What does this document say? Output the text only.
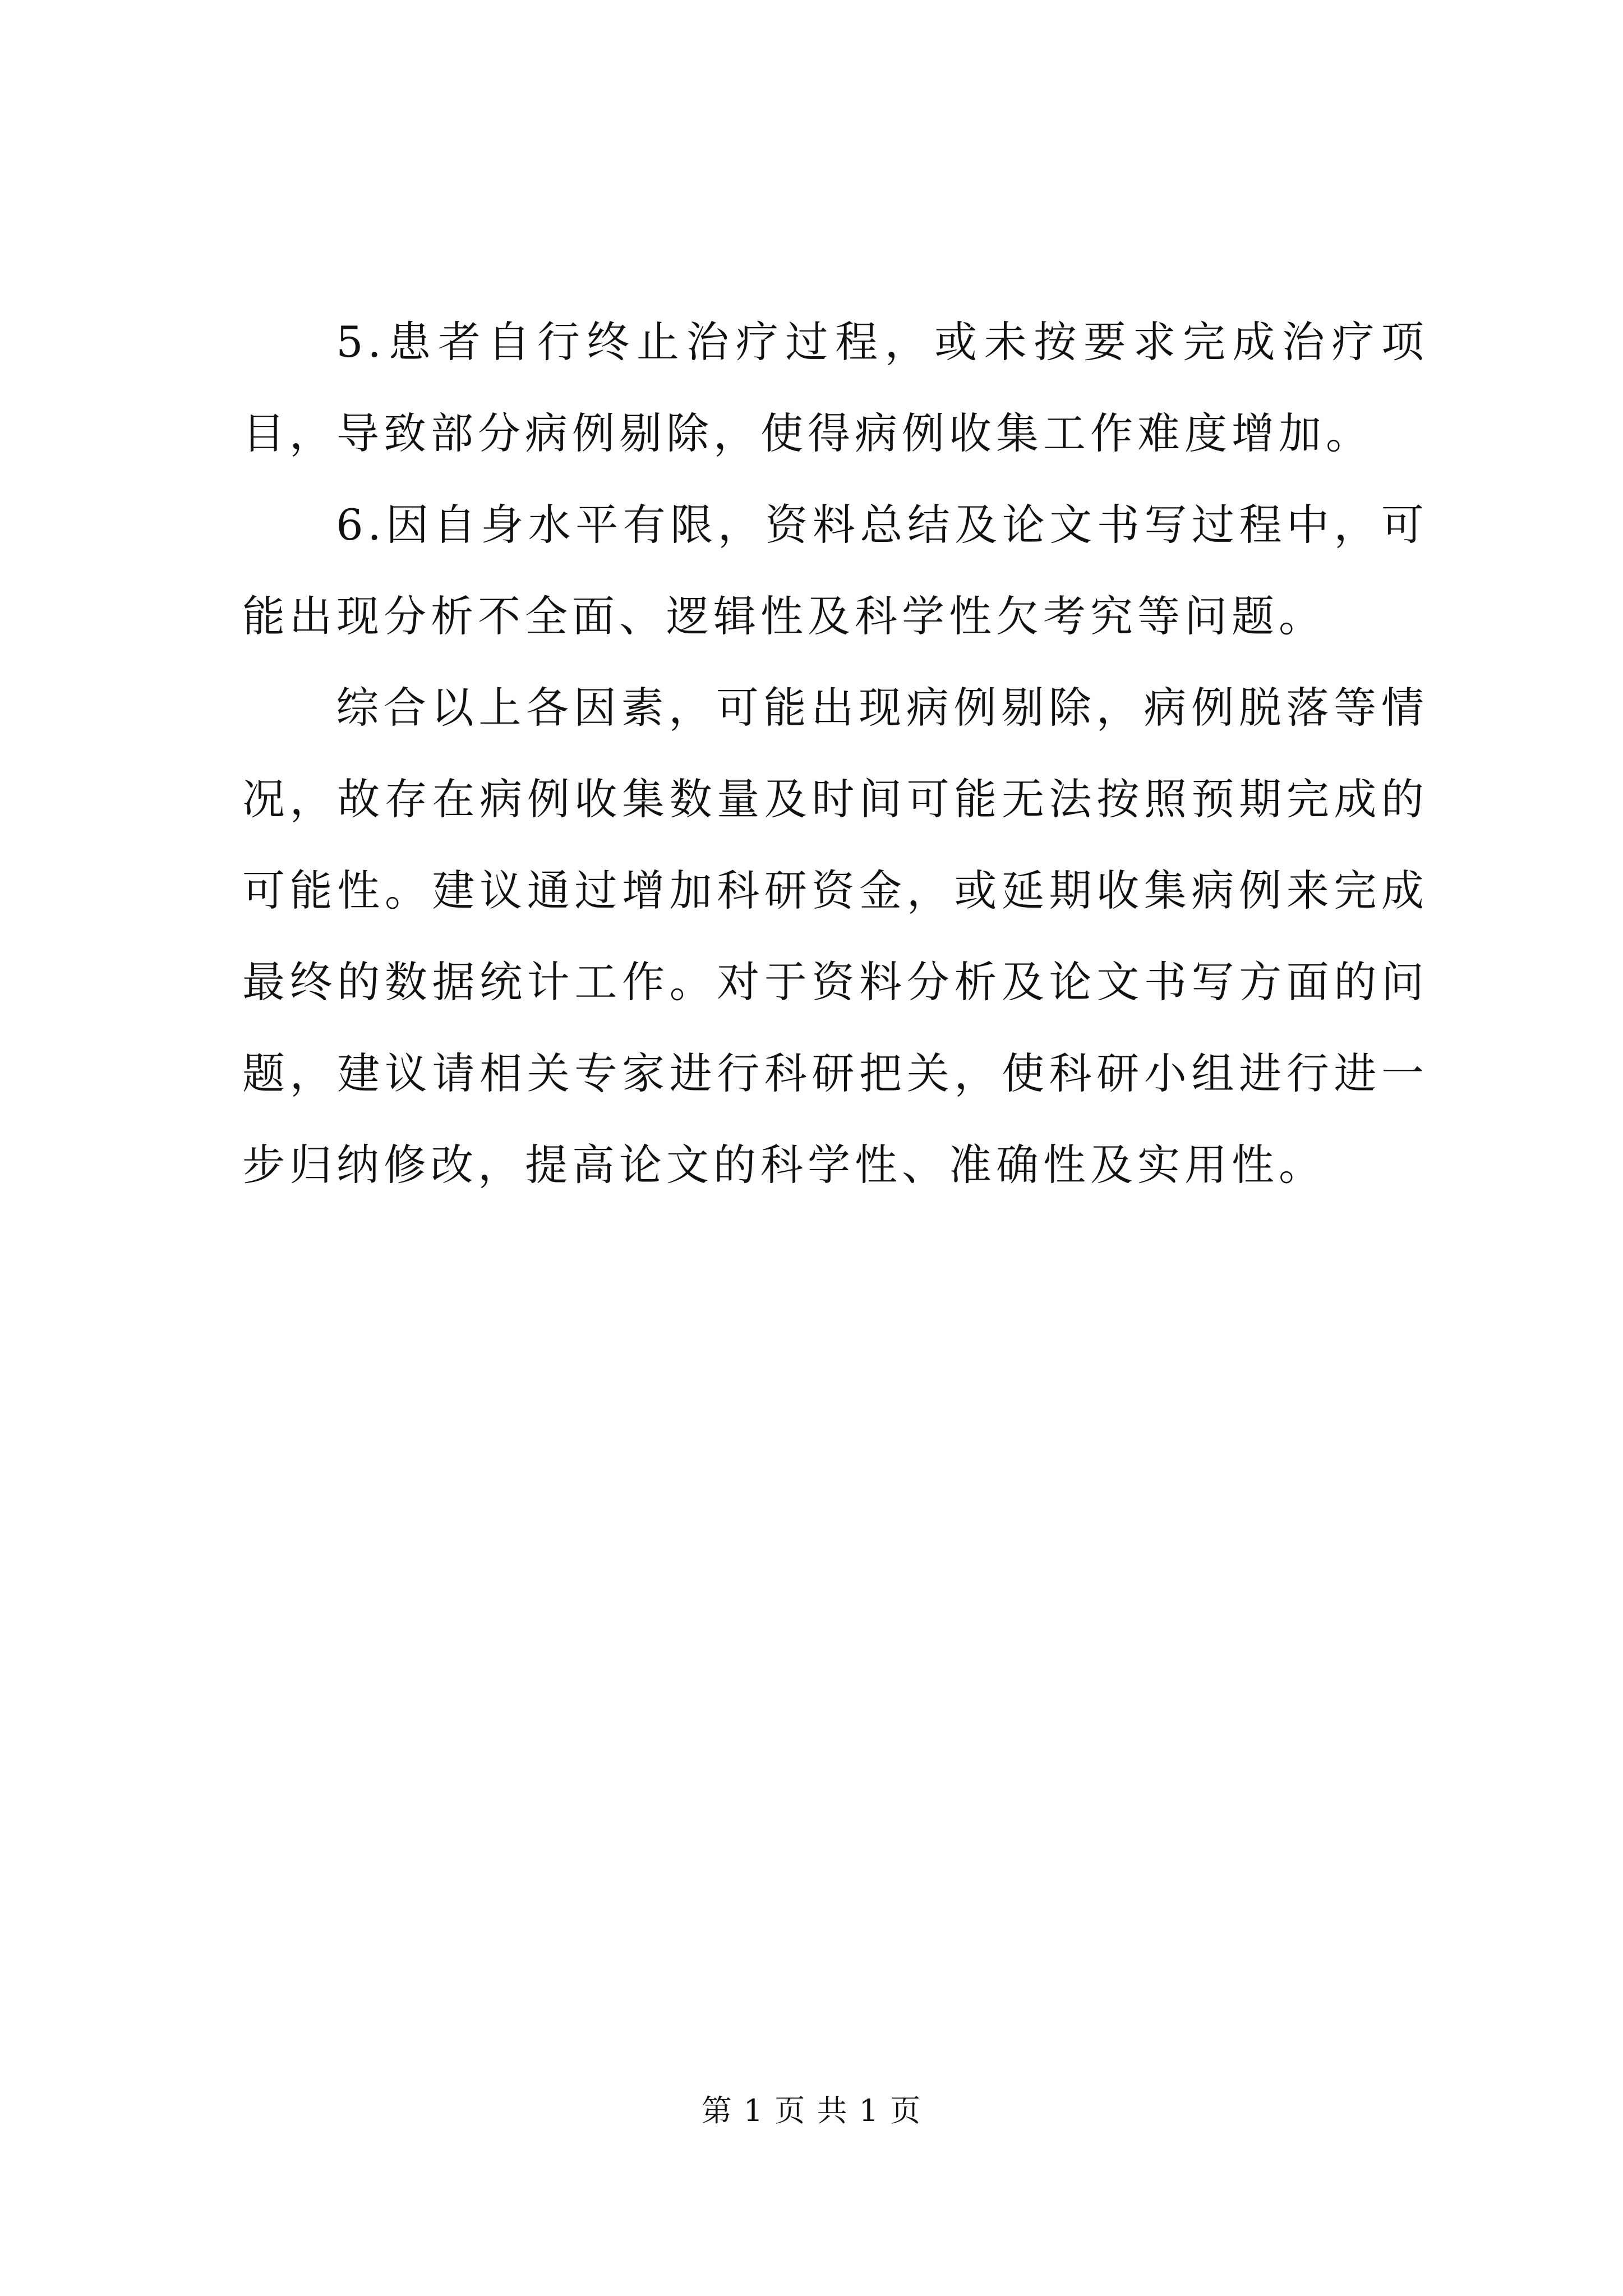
5.患者自行终止治疗过程，或未按要求完成治疗项目，导致部分病例剔除，使得病例收集工作难度增加。

6.因自身水平有限，资料总结及论文书写过程中，可能出现分析不全面、逻辑性及科学性欠考究等问题。

综合以上各因素，可能出现病例剔除，病例脱落等情况，故存在病例收集数量及时间可能无法按照预期完成的可能性。建议通过增加科研资金，或延期收集病例来完成最终的数据统计工作。对于资料分析及论文书写方面的问题，建议请相关专家进行科研把关，使科研小组进行进一步归纳修改，提高论文的科学性、准确性及实用性。

第 1 页 共 1 页
